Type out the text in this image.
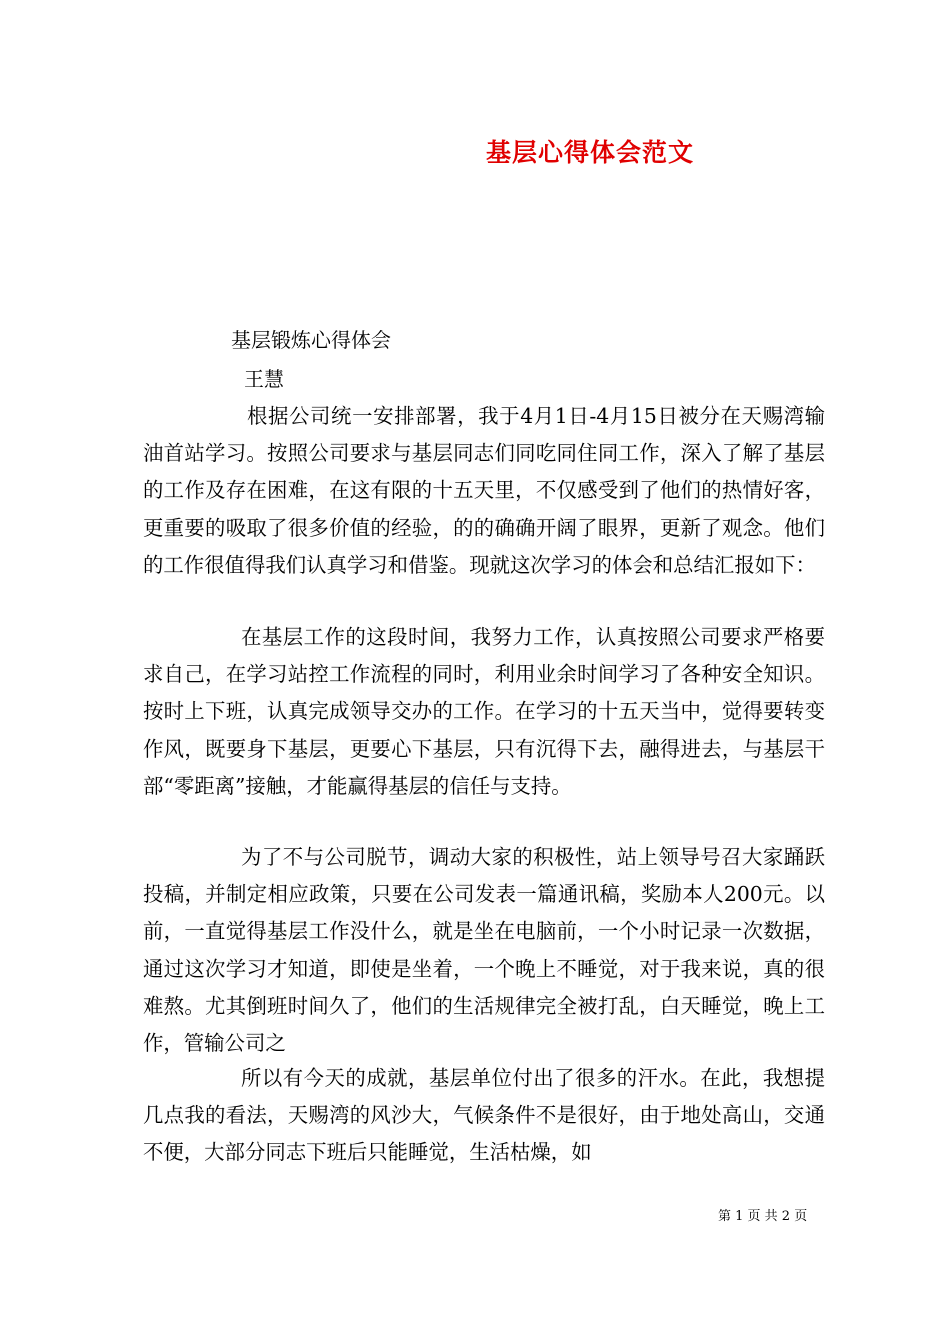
基层心得体会范文
基层锻炼心得体会
王慧

根据公司统一安排部署，我于4月1日-4月15日被分在天赐湾输油首站学习。按照公司要求与基层同志们同吃同住同工作，深入了解了基层的工作及存在困难，在这有限的十五天里，不仅感受到了他们的热情好客，更重要的吸取了很多价值的经验，的的确确开阔了眼界，更新了观念。他们的工作很值得我们认真学习和借鉴。现就这次学习的体会和总结汇报如下：

在基层工作的这段时间，我努力工作，认真按照公司要求严格要求自己，在学习站控工作流程的同时，利用业余时间学习了各种安全知识。按时上下班，认真完成领导交办的工作。在学习的十五天当中，觉得要转变作风，既要身下基层，更要心下基层，只有沉得下去，融得进去，与基层干部“零距离”接触，才能赢得基层的信任与支持。

为了不与公司脱节，调动大家的积极性，站上领导号召大家踊跃投稿，并制定相应政策，只要在公司发表一篇通讯稿，奖励本人200元。以前，一直觉得基层工作没什么，就是坐在电脑前，一个小时记录一次数据，通过这次学习才知道，即使是坐着，一个晚上不睡觉，对于我来说，真的很难熬。尤其倒班时间久了，他们的生活规律完全被打乱，白天睡觉，晚上工作，管输公司之

所以有今天的成就，基层单位付出了很多的汗水。在此，我想提几点我的看法，天赐湾的风沙大，气候条件不是很好，由于地处高山，交通不便，大部分同志下班后只能睡觉，生活枯燥，如

第 1 页 共 2 页
